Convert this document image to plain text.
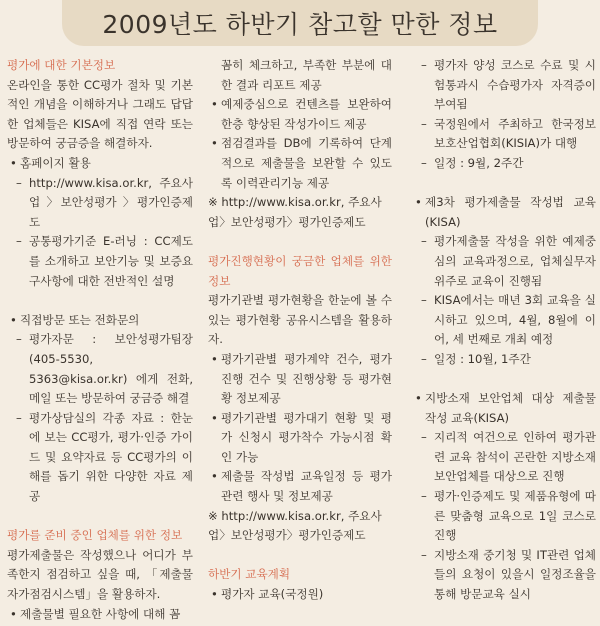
2009년도 하반기 참고할 만한 정보

평가에 대한 기본정보

온라인을 통한 CC평가 절차 및 기본적인 개념을 이해하거나 그래도 답답한 업체들은 KISA에 직접 연락 또는 방문하여 궁금증을 해결하자.

• 홈페이지 활용

– http://www.kisa.or.kr, 주요사업 〉보안성평가 〉평가인증제도

– 공통평가기준 E-러닝 : CC제도를 소개하고 보안기능 및 보증요구사항에 대한 전반적인 설명

• 직접방문 또는 전화문의

– 평가자문 : 보안성평가팀장(405-5530, 5363@kisa.or.kr) 에게 전화, 메일 또는 방문하여 궁금증 해결

– 평가상담실의 각종 자료 : 한눈에 보는 CC평가, 평가·인증 가이드 및 요약자료 등 CC평가의 이해를 돕기 위한 다양한 자료 제공

평가를 준비 중인 업체를 위한 정보

평가제출물은 작성했으나 어디가 부족한지 점검하고 싶을 때, 「제출물자가점검시스템」을 활용하자.

• 제출물별 필요한 사항에 대해 꼼

꼼히 체크하고, 부족한 부분에 대한 결과 리포트 제공

• 예제중심으로 컨텐츠를 보완하여 한층 향상된 작성가이드 제공

• 점검결과를 DB에 기록하여 단계적으로 제출물을 보완할 수 있도록 이력관리기능 제공

※ http://www.kisa.or.kr, 주요사업〉보안성평가〉평가인증제도

평가진행현황이 궁금한 업체를 위한 정보

평가기관별 평가현황을 한눈에 볼 수 있는 평가현황 공유시스템을 활용하자.

• 평가기관별 평가계약 건수, 평가진행 건수 및 진행상황 등 평가현황 정보제공

• 평가기관별 평가대기 현황 및 평가 신청시 평가착수 가능시점 확인 가능

• 제출물 작성법 교육일정 등 평가관련 행사 및 정보제공

※ http://www.kisa.or.kr, 주요사업〉보안성평가〉평가인증제도

하반기 교육계획

• 평가자 교육(국정원)

– 평가자 양성 코스로 수료 및 시험통과시 수습평가자 자격증이 부여됨

– 국정원에서 주최하고 한국정보보호산업협회(KISIA)가 대행

– 일정 : 9월, 2주간

• 제3차 평가제출물 작성법 교육(KISA)

– 평가제출물 작성을 위한 예제중심의 교육과정으로, 업체실무자위주로 교육이 진행됨

– KISA에서는 매년 3회 교육을 실시하고 있으며, 4월, 8월에 이어, 세 번째로 개최 예정

– 일정 : 10월, 1주간

• 지방소재 보안업체 대상 제출물 작성 교육(KISA)

– 지리적 여건으로 인하여 평가관련 교육 참석이 곤란한 지방소재 보안업체를 대상으로 진행

– 평가·인증제도 및 제품유형에 따른 맞춤형 교육으로 1일 코스로 진행

– 지방소재 중기청 및 IT관련 업체들의 요청이 있을시 일정조율을 통해 방문교육 실시
